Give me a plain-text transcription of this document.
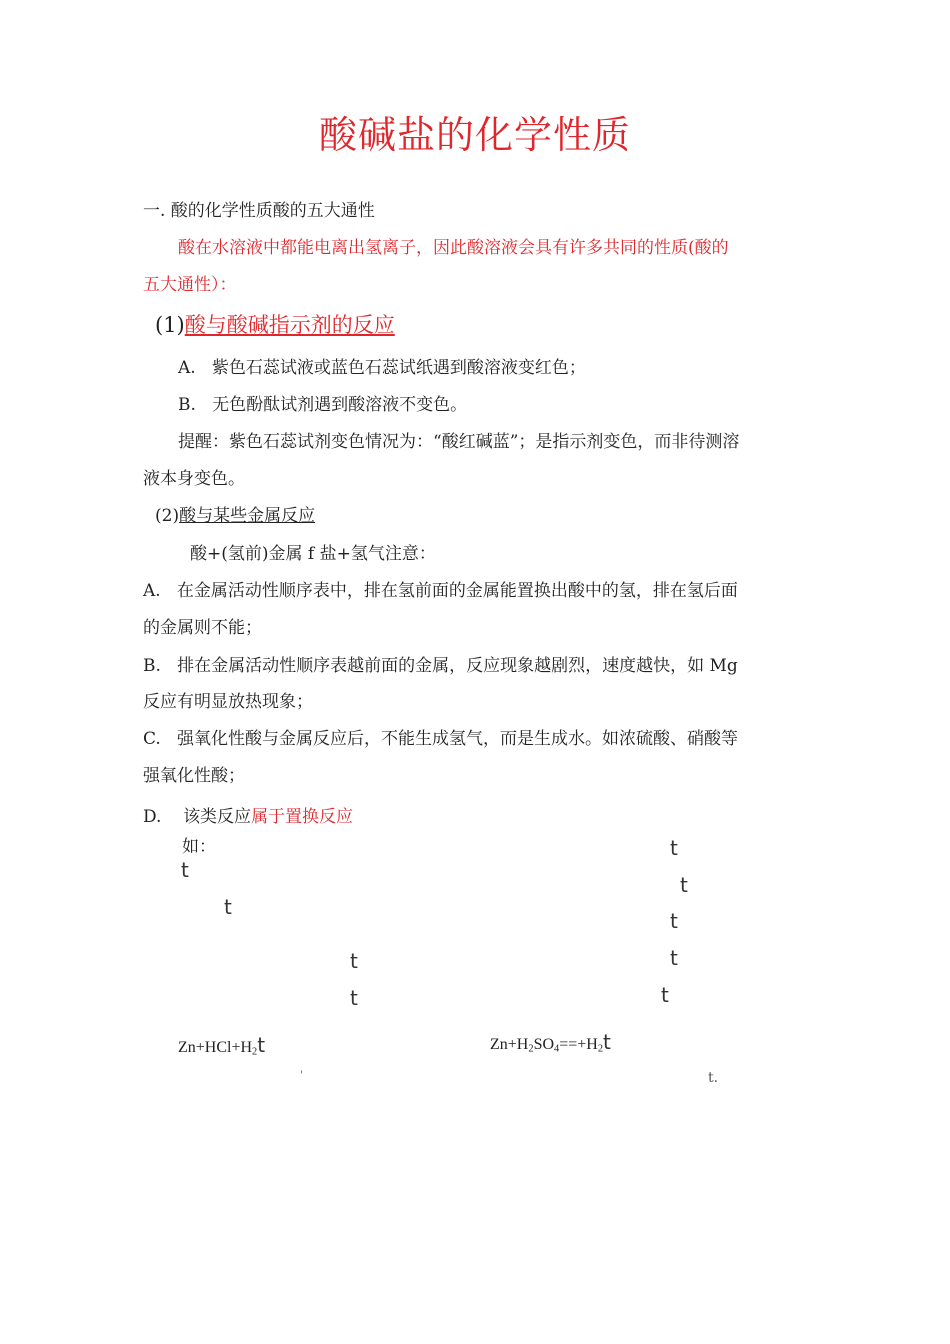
酸碱盐的化学性质
一. 酸的化学性质酸的五大通性
酸在水溶液中都能电离出氢离子，因此酸溶液会具有许多共同的性质(酸的
五大通性）：
(1)酸与酸碱指示剂的反应
A. 紫色石蕊试液或蓝色石蕊试纸遇到酸溶液变红色；
B. 无色酚酞试剂遇到酸溶液不变色。
提醒：紫色石蕊试剂变色情况为：“酸红碱蓝”；是指示剂变色，而非待测溶
液本身变色。
(2)酸与某些金属反应
酸+(氢前)金属 f 盐+氢气注意：
A. 在金属活动性顺序表中，排在氢前面的金属能置换出酸中的氢，排在氢后面
的金属则不能；
B. 排在金属活动性顺序表越前面的金属，反应现象越剧烈，速度越快，如 Mg
反应有明显放热现象；
C. 强氧化性酸与金属反应后，不能生成氢气，而是生成水。如浓硫酸、硝酸等
强氧化性酸；
D. 该类反应属于置换反应
如：
t
t
t
t
t
t
t
t
t
$Zn+HCl+H_2t$	$Zn+H_2SO_4==+H_2t$
'	t.
